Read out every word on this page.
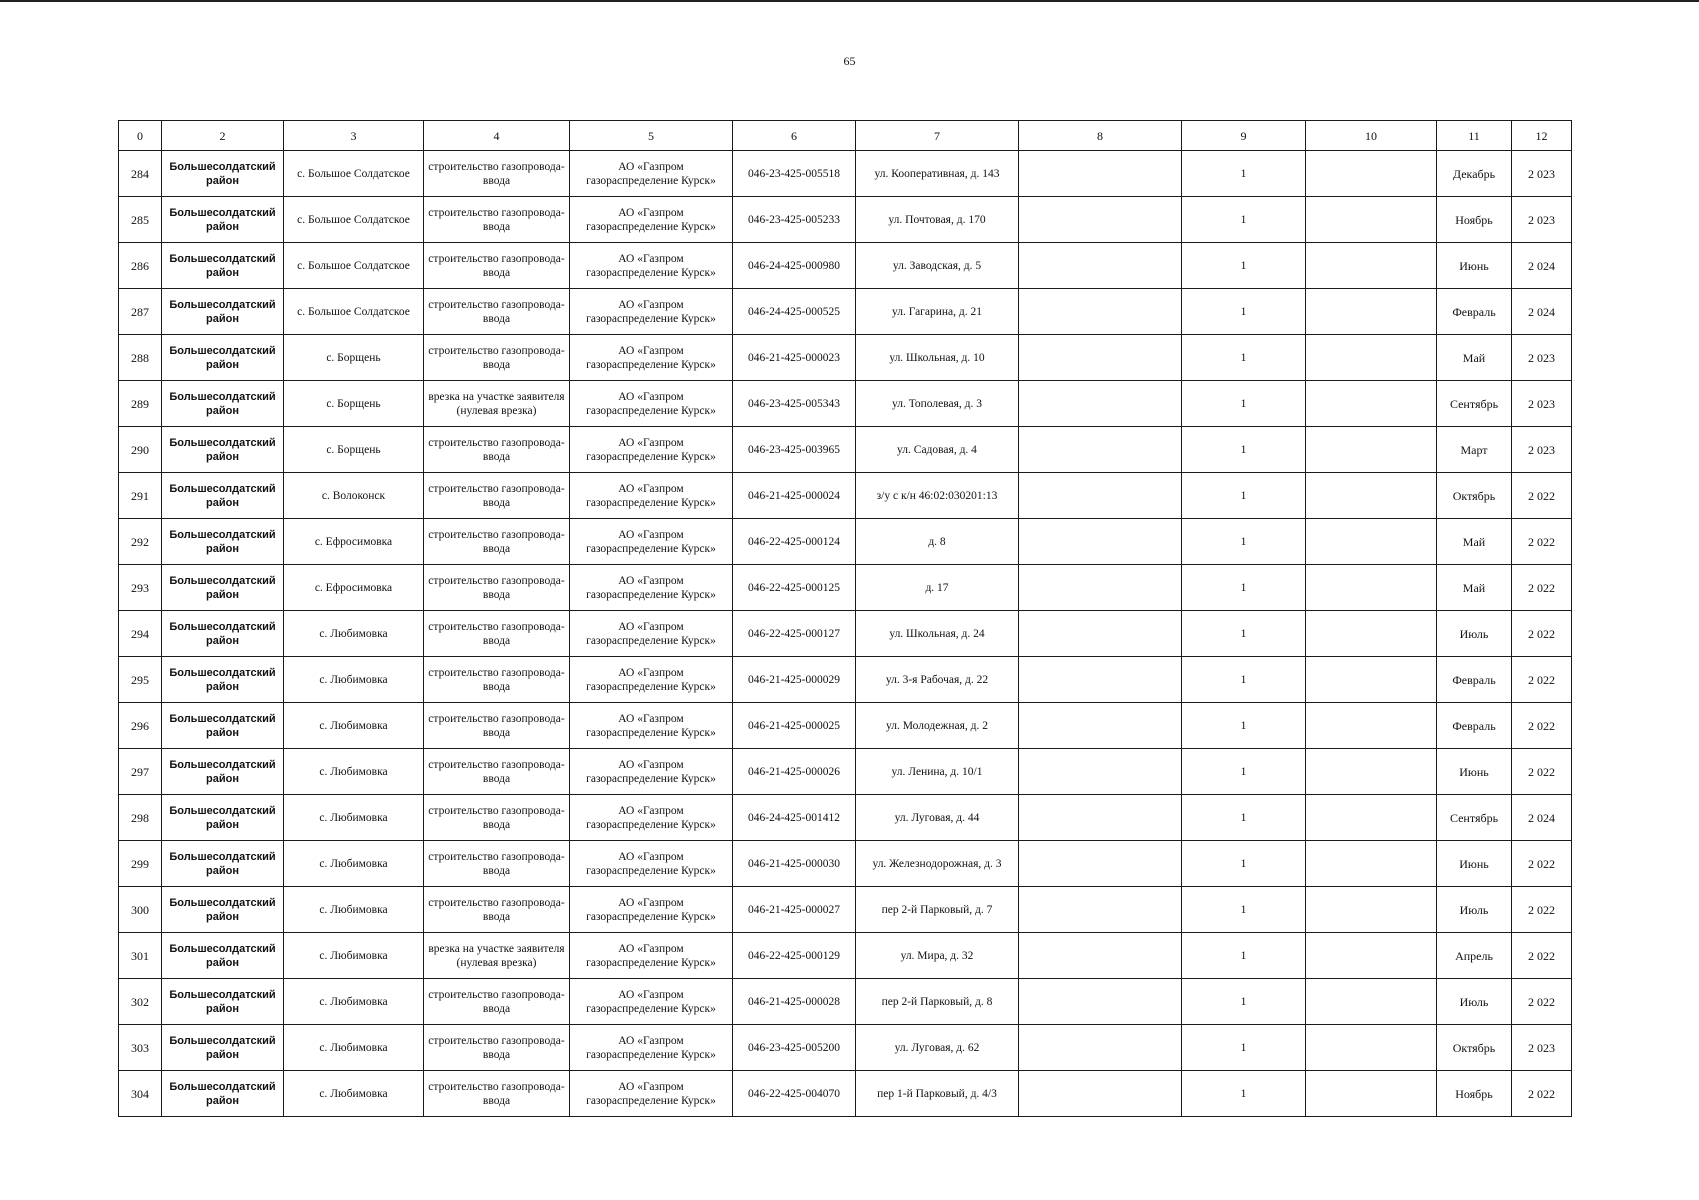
65
0	2	3	4	5	6	7	8	9	10	11	12
284	Большесолдатский район	с. Большое Солдатское	строительство газопровода-ввода	АО «Газпром газораспределение Курск»	046-23-425-005518	ул. Кооперативная, д. 143		1		Декабрь	2 023
285	Большесолдатский район	с. Большое Солдатское	строительство газопровода-ввода	АО «Газпром газораспределение Курск»	046-23-425-005233	ул. Почтовая, д. 170		1		Ноябрь	2 023
286	Большесолдатский район	с. Большое Солдатское	строительство газопровода-ввода	АО «Газпром газораспределение Курск»	046-24-425-000980	ул. Заводская, д. 5		1		Июнь	2 024
287	Большесолдатский район	с. Большое Солдатское	строительство газопровода-ввода	АО «Газпром газораспределение Курск»	046-24-425-000525	ул. Гагарина, д. 21		1		Февраль	2 024
288	Большесолдатский район	с. Борщень	строительство газопровода-ввода	АО «Газпром газораспределение Курск»	046-21-425-000023	ул. Школьная, д. 10		1		Май	2 023
289	Большесолдатский район	с. Борщень	врезка на участке заявителя (нулевая врезка)	АО «Газпром газораспределение Курск»	046-23-425-005343	ул. Тополевая, д. 3		1		Сентябрь	2 023
290	Большесолдатский район	с. Борщень	строительство газопровода-ввода	АО «Газпром газораспределение Курск»	046-23-425-003965	ул. Садовая, д. 4		1		Март	2 023
291	Большесолдатский район	с. Волоконск	строительство газопровода-ввода	АО «Газпром газораспределение Курск»	046-21-425-000024	з/у с к/н 46:02:030201:13		1		Октябрь	2 022
292	Большесолдатский район	с. Ефросимовка	строительство газопровода-ввода	АО «Газпром газораспределение Курск»	046-22-425-000124	д. 8		1		Май	2 022
293	Большесолдатский район	с. Ефросимовка	строительство газопровода-ввода	АО «Газпром газораспределение Курск»	046-22-425-000125	д. 17		1		Май	2 022
294	Большесолдатский район	с. Любимовка	строительство газопровода-ввода	АО «Газпром газораспределение Курск»	046-22-425-000127	ул. Школьная, д. 24		1		Июль	2 022
295	Большесолдатский район	с. Любимовка	строительство газопровода-ввода	АО «Газпром газораспределение Курск»	046-21-425-000029	ул. 3-я Рабочая, д. 22		1		Февраль	2 022
296	Большесолдатский район	с. Любимовка	строительство газопровода-ввода	АО «Газпром газораспределение Курск»	046-21-425-000025	ул. Молодежная, д. 2		1		Февраль	2 022
297	Большесолдатский район	с. Любимовка	строительство газопровода-ввода	АО «Газпром газораспределение Курск»	046-21-425-000026	ул. Ленина, д. 10/1		1		Июнь	2 022
298	Большесолдатский район	с. Любимовка	строительство газопровода-ввода	АО «Газпром газораспределение Курск»	046-24-425-001412	ул. Луговая, д. 44		1		Сентябрь	2 024
299	Большесолдатский район	с. Любимовка	строительство газопровода-ввода	АО «Газпром газораспределение Курск»	046-21-425-000030	ул. Железнодорожная, д. 3		1		Июнь	2 022
300	Большесолдатский район	с. Любимовка	строительство газопровода-ввода	АО «Газпром газораспределение Курск»	046-21-425-000027	пер 2-й Парковый, д. 7		1		Июль	2 022
301	Большесолдатский район	с. Любимовка	врезка на участке заявителя (нулевая врезка)	АО «Газпром газораспределение Курск»	046-22-425-000129	ул. Мира, д. 32		1		Апрель	2 022
302	Большесолдатский район	с. Любимовка	строительство газопровода-ввода	АО «Газпром газораспределение Курск»	046-21-425-000028	пер 2-й Парковый, д. 8		1		Июль	2 022
303	Большесолдатский район	с. Любимовка	строительство газопровода-ввода	АО «Газпром газораспределение Курск»	046-23-425-005200	ул. Луговая, д. 62		1		Октябрь	2 023
304	Большесолдатский район	с. Любимовка	строительство газопровода-ввода	АО «Газпром газораспределение Курск»	046-22-425-004070	пер 1-й Парковый, д. 4/3		1		Ноябрь	2 022
